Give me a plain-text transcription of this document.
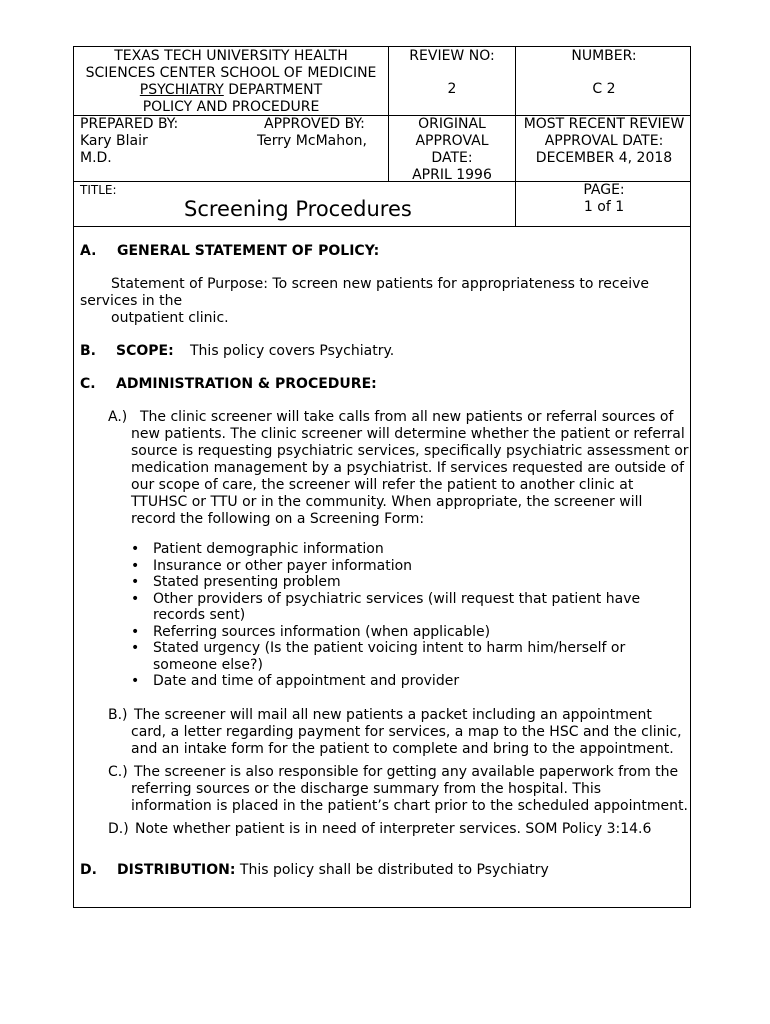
TEXAS TECH UNIVERSITY HEALTH
SCIENCES CENTER SCHOOL OF MEDICINE
PSYCHIATRY DEPARTMENT
POLICY AND PROCEDURE
REVIEW NO:
2
NUMBER:
C 2
PREPARED BY:
Kary Blair
M.D.
APPROVED BY:
Terry McMahon,
ORIGINAL
APPROVAL
DATE:
APRIL 1996
MOST RECENT REVIEW
APPROVAL DATE:
DECEMBER 4, 2018
TITLE:
Screening Procedures
PAGE:
1 of 1
A. GENERAL STATEMENT OF POLICY:
Statement of Purpose: To screen new patients for appropriateness to receive
services in the
outpatient clinic.
B. SCOPE: This policy covers Psychiatry.
C. ADMINISTRATION & PROCEDURE:
A.) The clinic screener will take calls from all new patients or referral sources of
new patients. The clinic screener will determine whether the patient or referral
source is requesting psychiatric services, specifically psychiatric assessment or
medication management by a psychiatrist. If services requested are outside of
our scope of care, the screener will refer the patient to another clinic at
TTUHSC or TTU or in the community. When appropriate, the screener will
record the following on a Screening Form:
• Patient demographic information
• Insurance or other payer information
• Stated presenting problem
• Other providers of psychiatric services (will request that patient have records sent)
• Referring sources information (when applicable)
• Stated urgency (Is the patient voicing intent to harm him/herself or someone else?)
• Date and time of appointment and provider
B.) The screener will mail all new patients a packet including an appointment
card, a letter regarding payment for services, a map to the HSC and the clinic,
and an intake form for the patient to complete and bring to the appointment.
C.) The screener is also responsible for getting any available paperwork from the
referring sources or the discharge summary from the hospital. This
information is placed in the patient’s chart prior to the scheduled appointment.
D.) Note whether patient is in need of interpreter services. SOM Policy 3:14.6
D. DISTRIBUTION: This policy shall be distributed to Psychiatry
